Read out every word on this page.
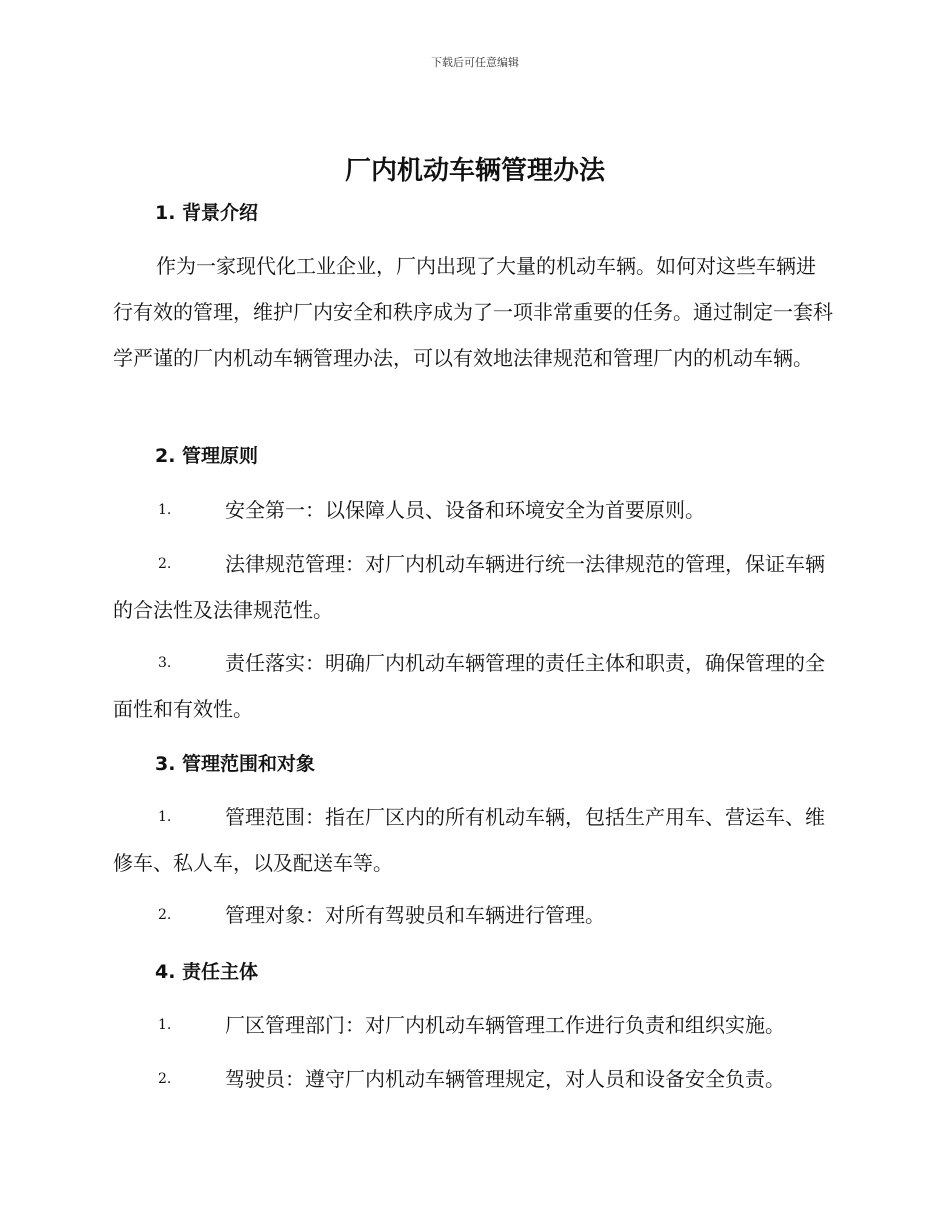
下载后可任意编辑
厂内机动车辆管理办法
1. 背景介绍

作为一家现代化工业企业，厂内出现了大量的机动车辆。如何对这些车辆进行有效的管理，维护厂内安全和秩序成为了一项非常重要的任务。通过制定一套科学严谨的厂内机动车辆管理办法，可以有效地法律规范和管理厂内的机动车辆。

2. 管理原则

1.	安全第一：以保障人员、设备和环境安全为首要原则。

2.	法律规范管理：对厂内机动车辆进行统一法律规范的管理，保证车辆的合法性及法律规范性。

3.	责任落实：明确厂内机动车辆管理的责任主体和职责，确保管理的全面性和有效性。

3. 管理范围和对象

1.	管理范围：指在厂区内的所有机动车辆，包括生产用车、营运车、维修车、私人车，以及配送车等。

2.	管理对象：对所有驾驶员和车辆进行管理。

4. 责任主体

1.	厂区管理部门：对厂内机动车辆管理工作进行负责和组织实施。

2.	驾驶员：遵守厂内机动车辆管理规定，对人员和设备安全负责。
